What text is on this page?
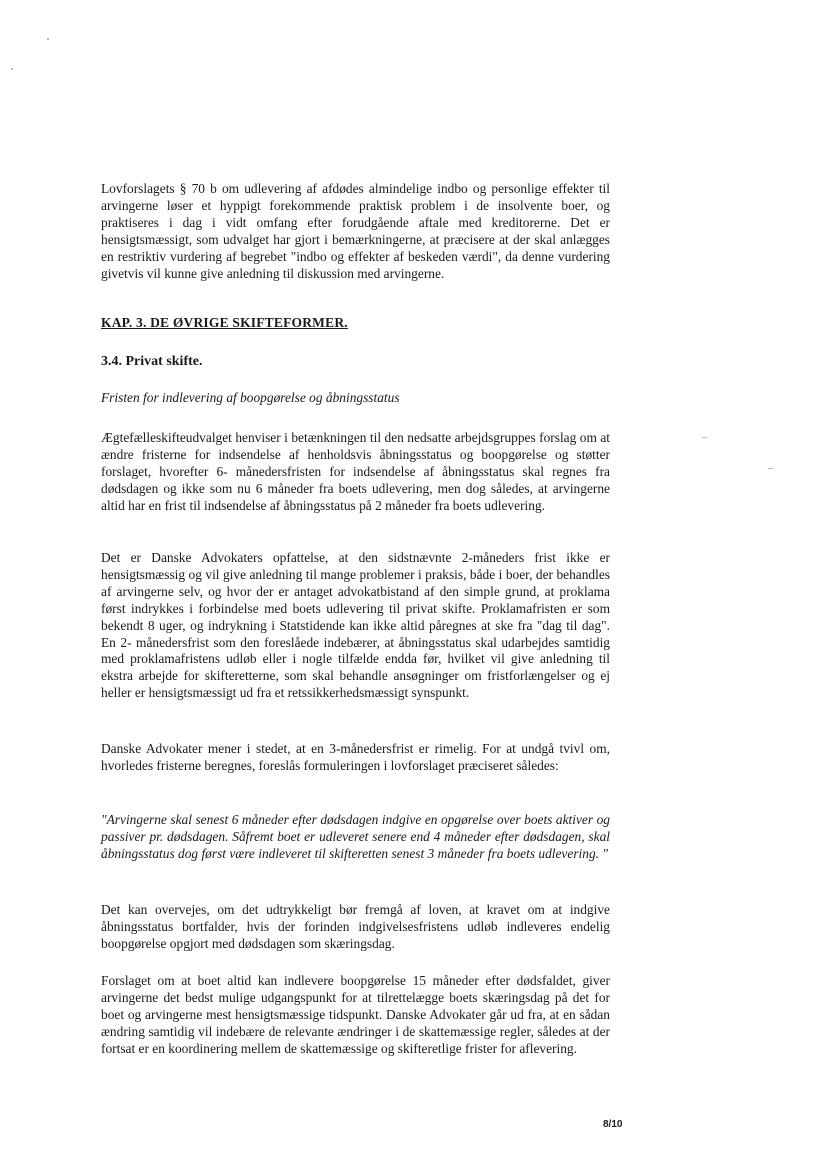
Lovforslagets § 70 b om udlevering af afdødes almindelige indbo og personlige effekter til arvingerne løser et hyppigt forekommende praktisk problem i de insolvente boer, og praktiseres i dag i vidt omfang efter forudgående aftale med kreditorerne. Det er hensigtsmæssigt, som udvalget har gjort i bemærkningerne, at præcisere at der skal anlægges en restriktiv vurdering af begrebet "indbo og effekter af beskeden værdi", da denne vurdering givetvis vil kunne give anledning til diskussion med arvingerne.

KAP. 3. DE ØVRIGE SKIFTEFORMER.

3.4. Privat skifte.

Fristen for indlevering af boopgørelse og åbningsstatus

Ægtefælleskifteudvalget henviser i betænkningen til den nedsatte arbejdsgruppes forslag om at ændre fristerne for indsendelse af henholdsvis åbningsstatus og boopgørelse og støtter forslaget, hvorefter 6- månedersfristen for indsendelse af åbningsstatus skal regnes fra dødsdagen og ikke som nu 6 måneder fra boets udlevering, men dog således, at arvingerne altid har en frist til indsendelse af åbningsstatus på 2 måneder fra boets udlevering.

Det er Danske Advokaters opfattelse, at den sidstnævnte 2-måneders frist ikke er hensigtsmæssig og vil give anledning til mange problemer i praksis, både i boer, der behandles af arvingerne selv, og hvor der er antaget advokatbistand af den simple grund, at proklama først indrykkes i forbindelse med boets udlevering til privat skifte. Proklamafristen er som bekendt 8 uger, og indrykning i Statstidende kan ikke altid påregnes at ske fra "dag til dag". En 2- månedersfrist som den foreslåede indebærer, at åbningsstatus skal udarbejdes samtidig med proklamafristens udløb eller i nogle tilfælde endda før, hvilket vil give anledning til ekstra arbejde for skifteretterne, som skal behandle ansøgninger om fristforlængelser og ej heller er hensigtsmæssigt ud fra et retssikkerhedsmæssigt synspunkt.

Danske Advokater mener i stedet, at en 3-månedersfrist er rimelig. For at undgå tvivl om, hvorledes fristerne beregnes, foreslås formuleringen i lovforslaget præciseret således:

"Arvingerne skal senest 6 måneder efter dødsdagen indgive en opgørelse over boets aktiver og passiver pr. dødsdagen. Såfremt boet er udleveret senere end 4 måneder efter dødsdagen, skal åbningsstatus dog først være indleveret til skifteretten senest 3 måneder fra boets udlevering. "

Det kan overvejes, om det udtrykkeligt bør fremgå af loven, at kravet om at indgive åbningsstatus bortfalder, hvis der forinden indgivelsesfristens udløb indleveres endelig boopgørelse opgjort med dødsdagen som skæringsdag.

Forslaget om at boet altid kan indlevere boopgørelse 15 måneder efter dødsfaldet, giver arvingerne det bedst mulige udgangspunkt for at tilrettelægge boets skæringsdag på det for boet og arvingerne mest hensigtsmæssige tidspunkt. Danske Advokater går ud fra, at en sådan ændring samtidig vil indebære de relevante ændringer i de skattemæssige regler, således at der fortsat er en koordinering mellem de skattemæssige og skifteretlige frister for aflevering.

8/10
